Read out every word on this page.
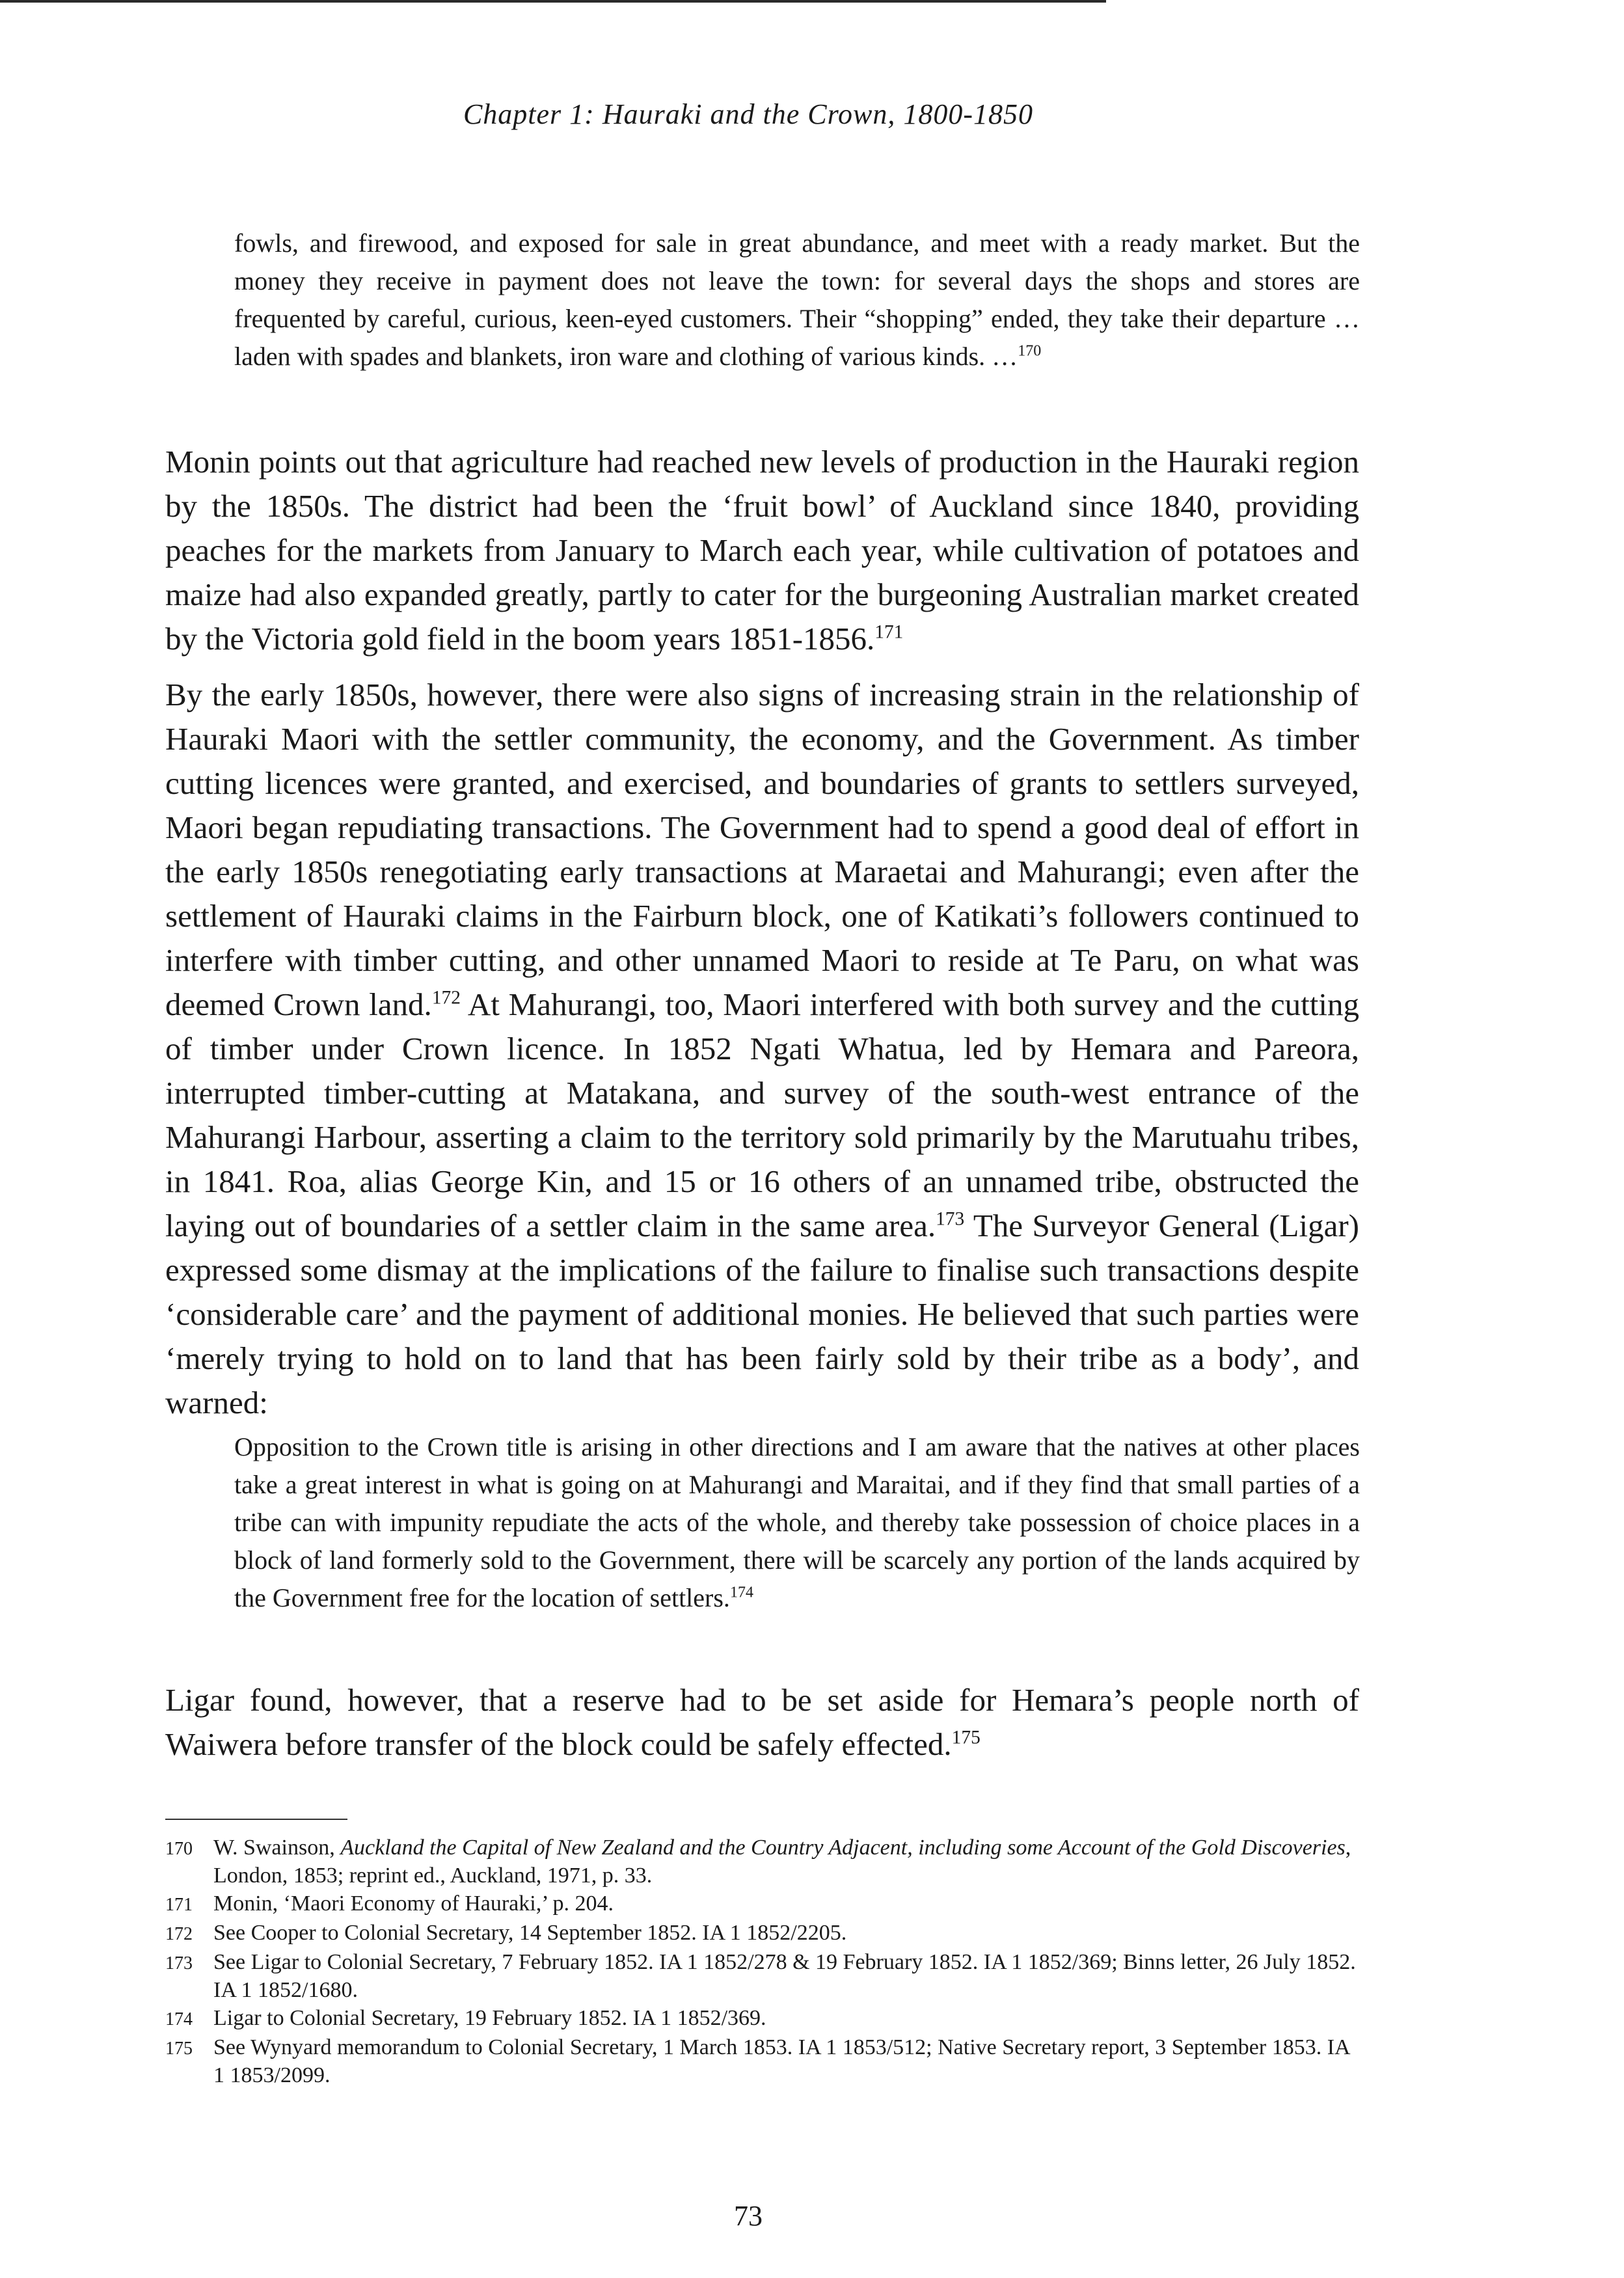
Chapter 1: Hauraki and the Crown, 1800-1850
fowls, and firewood, and exposed for sale in great abundance, and meet with a ready market. But the money they receive in payment does not leave the town: for several days the shops and stores are frequented by careful, curious, keen-eyed customers. Their “shopping” ended, they take their departure … laden with spades and blankets, iron ware and clothing of various kinds. …$^{170}$
Monin points out that agriculture had reached new levels of production in the Hauraki region by the 1850s. The district had been the ‘fruit bowl’ of Auckland since 1840, providing peaches for the markets from January to March each year, while cultivation of potatoes and maize had also expanded greatly, partly to cater for the burgeoning Australian market created by the Victoria gold field in the boom years 1851-1856.$^{171}$
By the early 1850s, however, there were also signs of increasing strain in the relationship of Hauraki Maori with the settler community, the economy, and the Government. As timber cutting licences were granted, and exercised, and boundaries of grants to settlers surveyed, Maori began repudiating transactions. The Government had to spend a good deal of effort in the early 1850s renegotiating early transactions at Maraetai and Mahurangi; even after the settlement of Hauraki claims in the Fairburn block, one of Katikati’s followers continued to interfere with timber cutting, and other unnamed Maori to reside at Te Paru, on what was deemed Crown land.$^{172}$ At Mahurangi, too, Maori interfered with both survey and the cutting of timber under Crown licence. In 1852 Ngati Whatua, led by Hemara and Pareora, interrupted timber-cutting at Matakana, and survey of the south-west entrance of the Mahurangi Harbour, asserting a claim to the territory sold primarily by the Marutuahu tribes, in 1841. Roa, alias George Kin, and 15 or 16 others of an unnamed tribe, obstructed the laying out of boundaries of a settler claim in the same area.$^{173}$ The Surveyor General (Ligar) expressed some dismay at the implications of the failure to finalise such transactions despite ‘considerable care’ and the payment of additional monies. He believed that such parties were ‘merely trying to hold on to land that has been fairly sold by their tribe as a body’, and warned:
Opposition to the Crown title is arising in other directions and I am aware that the natives at other places take a great interest in what is going on at Mahurangi and Maraitai, and if they find that small parties of a tribe can with impunity repudiate the acts of the whole, and thereby take possession of choice places in a block of land formerly sold to the Government, there will be scarcely any portion of the lands acquired by the Government free for the location of settlers.$^{174}$
Ligar found, however, that a reserve had to be set aside for Hemara’s people north of Waiwera before transfer of the block could be safely effected.$^{175}$
170 W. Swainson, Auckland the Capital of New Zealand and the Country Adjacent, including some Account of the Gold Discoveries, London, 1853; reprint ed., Auckland, 1971, p. 33.
171 Monin, ‘Maori Economy of Hauraki,’ p. 204.
172 See Cooper to Colonial Secretary, 14 September 1852. IA 1 1852/2205.
173 See Ligar to Colonial Secretary, 7 February 1852. IA 1 1852/278 & 19 February 1852. IA 1 1852/369; Binns letter, 26 July 1852. IA 1 1852/1680.
174 Ligar to Colonial Secretary, 19 February 1852. IA 1 1852/369.
175 See Wynyard memorandum to Colonial Secretary, 1 March 1853. IA 1 1853/512; Native Secretary report, 3 September 1853. IA 1 1853/2099.
73
